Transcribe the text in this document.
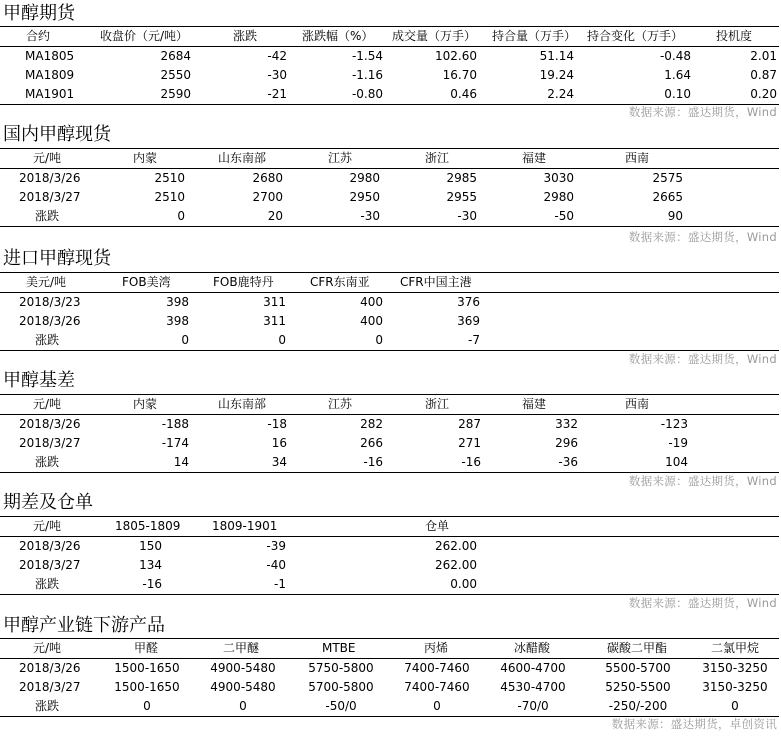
甲醇期货
合约	收盘价（元/吨）	涨跌	涨跌幅（%） 成交量（万手） 持合量（万手） 持合变化（万手）	投机度
MA1805	2684	-42	-1.54	102.60	51.14	-0.48	2.01
MA1809	2550	-30	-1.16	16.70	19.24	1.64	0.87
MA1901	2590	-21	-0.80	0.46	2.24	0.10	0.20
数据来源：盛达期货，Wind
国内甲醇现货
元/吨	内蒙	山东南部	江苏	浙江	福建	西南
2018/3/26	2510	2680	2980	2985	3030	2575
2018/3/27	2510	2700	2950	2955	2980	2665
涨跌	0	20	-30	-30	-50	90
数据来源：盛达期货，Wind
进口甲醇现货
美元/吨	FOB美湾	FOB鹿特丹	CFR东南亚	CFR中国主港
2018/3/23	398	311	400	376
2018/3/26	398	311	400	369
涨跌	0	0	0	-7
数据来源：盛达期货，Wind
甲醇基差
元/吨	内蒙	山东南部	江苏	浙江	福建	西南
2018/3/26	-188	-18	282	287	332	-123
2018/3/27	-174	16	266	271	296	-19
涨跌	14	34	-16	-16	-36	104
数据来源：盛达期货，Wind
期差及仓单
元/吨	1805-1809	1809-1901	仓单
2018/3/26	150	-39	262.00
2018/3/27	134	-40	262.00
涨跌	-16	-1	0.00
数据来源：盛达期货，Wind
甲醇产业链下游产品
元/吨	甲醛	二甲醚	MTBE	丙烯	冰醋酸	碳酸二甲酯	二氯甲烷
2018/3/26	1500-1650	4900-5480	5750-5800	7400-7460	4600-4700	5500-5700	3150-3250
2018/3/27	1500-1650	4900-5480	5700-5800	7400-7460	4530-4700	5250-5500	3150-3250
涨跌	0	0	-50/0	0	-70/0	-250/-200	0
数据来源：盛达期货，卓创资讯
